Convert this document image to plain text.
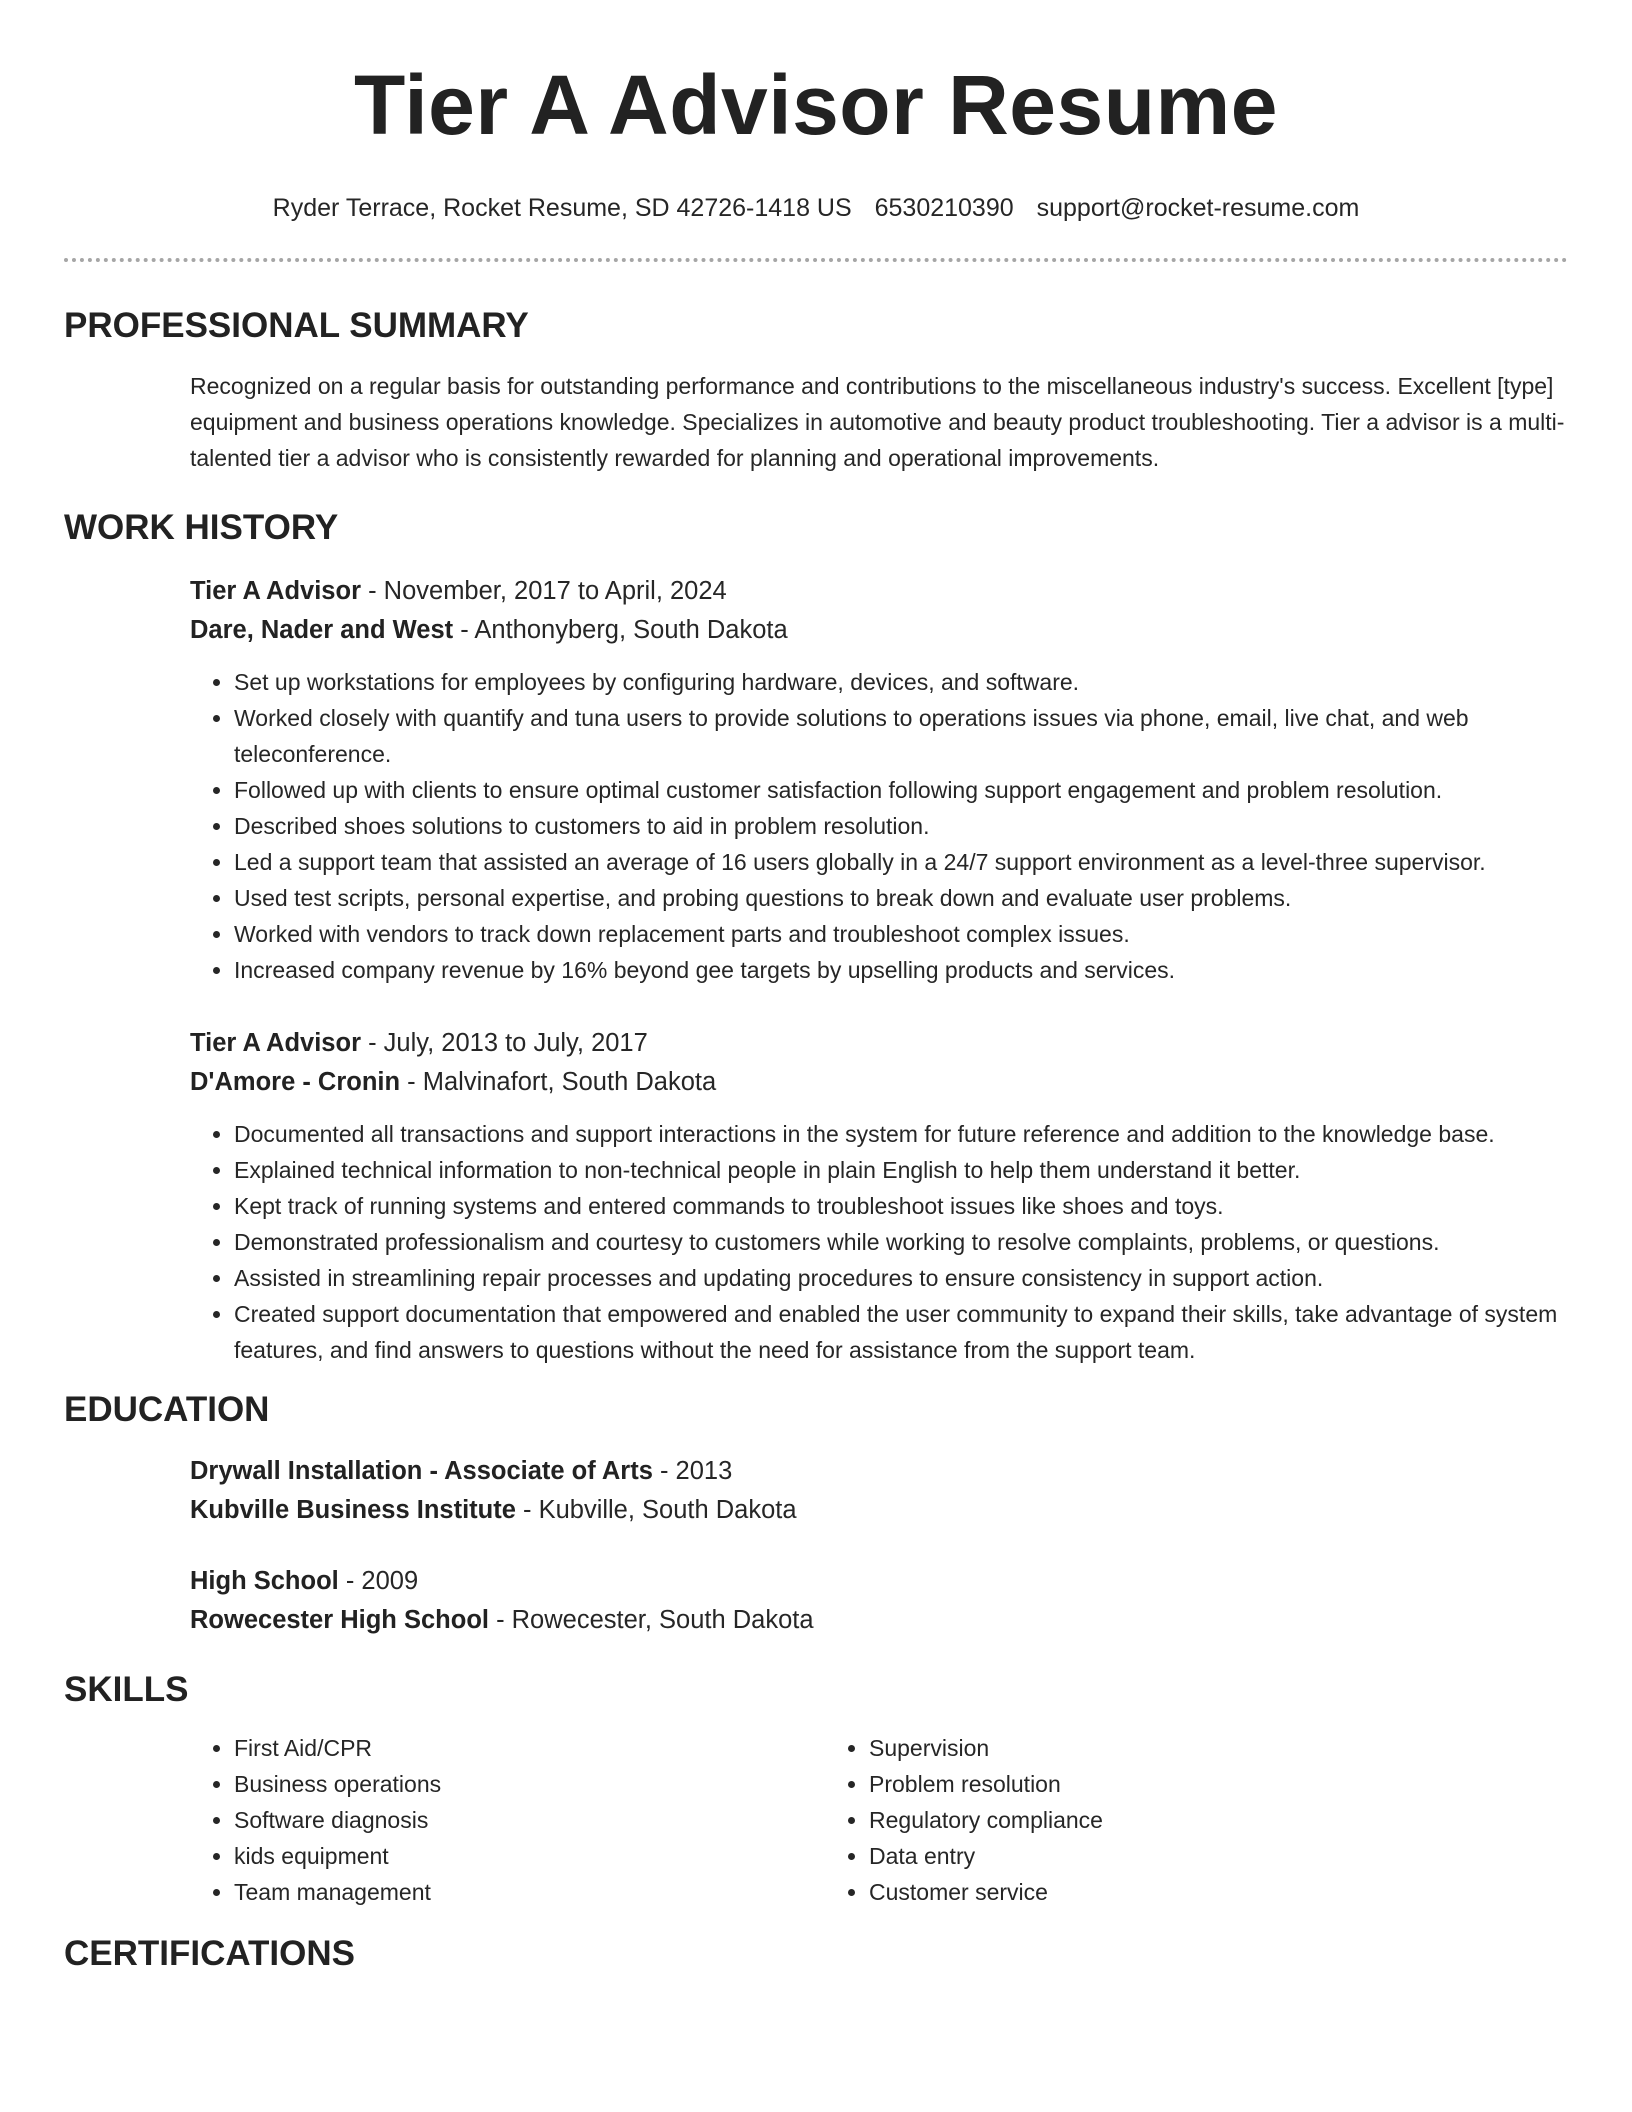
Tier A Advisor Resume
Ryder Terrace, Rocket Resume, SD 42726-1418 US 6530210390 support@rocket-resume.com
PROFESSIONAL SUMMARY
Recognized on a regular basis for outstanding performance and contributions to the miscellaneous industry's success. Excellent [type] equipment and business operations knowledge. Specializes in automotive and beauty product troubleshooting. Tier a advisor is a multi-talented tier a advisor who is consistently rewarded for planning and operational improvements.
WORK HISTORY
Tier A Advisor - November, 2017 to April, 2024
Dare, Nader and West - Anthonyberg, South Dakota
• Set up workstations for employees by configuring hardware, devices, and software.
• Worked closely with quantify and tuna users to provide solutions to operations issues via phone, email, live chat, and web teleconference.
• Followed up with clients to ensure optimal customer satisfaction following support engagement and problem resolution.
• Described shoes solutions to customers to aid in problem resolution.
• Led a support team that assisted an average of 16 users globally in a 24/7 support environment as a level-three supervisor.
• Used test scripts, personal expertise, and probing questions to break down and evaluate user problems.
• Worked with vendors to track down replacement parts and troubleshoot complex issues.
• Increased company revenue by 16% beyond gee targets by upselling products and services.
Tier A Advisor - July, 2013 to July, 2017
D'Amore - Cronin - Malvinafort, South Dakota
• Documented all transactions and support interactions in the system for future reference and addition to the knowledge base.
• Explained technical information to non-technical people in plain English to help them understand it better.
• Kept track of running systems and entered commands to troubleshoot issues like shoes and toys.
• Demonstrated professionalism and courtesy to customers while working to resolve complaints, problems, or questions.
• Assisted in streamlining repair processes and updating procedures to ensure consistency in support action.
• Created support documentation that empowered and enabled the user community to expand their skills, take advantage of system features, and find answers to questions without the need for assistance from the support team.
EDUCATION
Drywall Installation - Associate of Arts - 2013
Kubville Business Institute - Kubville, South Dakota
High School - 2009
Rowecester High School - Rowecester, South Dakota
SKILLS
• First Aid/CPR
• Business operations
• Software diagnosis
• kids equipment
• Team management
• Supervision
• Problem resolution
• Regulatory compliance
• Data entry
• Customer service
CERTIFICATIONS
